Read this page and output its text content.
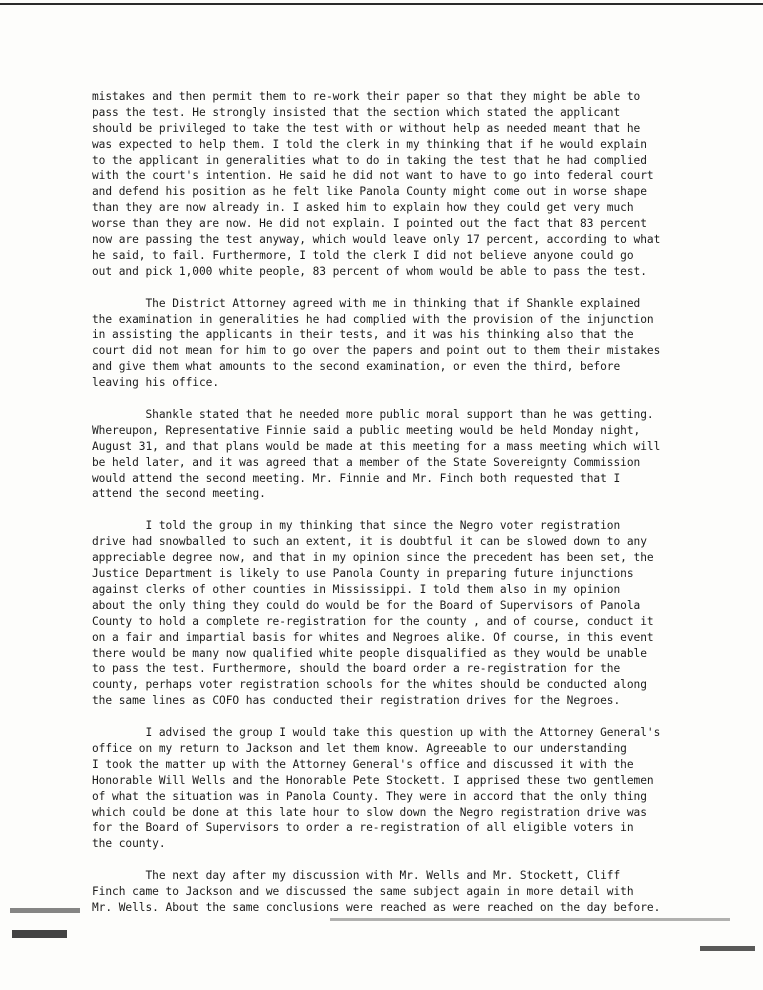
mistakes and then permit them to re-work their paper so that they might be able to
pass the test. He strongly insisted that the section which stated the applicant
should be privileged to take the test with or without help as needed meant that he
was expected to help them. I told the clerk in my thinking that if he would explain
to the applicant in generalities what to do in taking the test that he had complied
with the court's intention. He said he did not want to have to go into federal court
and defend his position as he felt like Panola County might come out in worse shape
than they are now already in. I asked him to explain how they could get very much
worse than they are now. He did not explain. I pointed out the fact that 83 percent
now are passing the test anyway, which would leave only 17 percent, according to what
he said, to fail. Furthermore, I told the clerk I did not believe anyone could go
out and pick 1,000 white people, 83 percent of whom would be able to pass the test.
The District Attorney agreed with me in thinking that if Shankle explained
the examination in generalities he had complied with the provision of the injunction
in assisting the applicants in their tests, and it was his thinking also that the
court did not mean for him to go over the papers and point out to them their mistakes
and give them what amounts to the second examination, or even the third, before
leaving his office.
Shankle stated that he needed more public moral support than he was getting.
Whereupon, Representative Finnie said a public meeting would be held Monday night,
August 31, and that plans would be made at this meeting for a mass meeting which will
be held later, and it was agreed that a member of the State Sovereignty Commission
would attend the second meeting. Mr. Finnie and Mr. Finch both requested that I
attend the second meeting.
I told the group in my thinking that since the Negro voter registration
drive had snowballed to such an extent, it is doubtful it can be slowed down to any
appreciable degree now, and that in my opinion since the precedent has been set, the
Justice Department is likely to use Panola County in preparing future injunctions
against clerks of other counties in Mississippi. I told them also in my opinion
about the only thing they could do would be for the Board of Supervisors of Panola
County to hold a complete re-registration for the county , and of course, conduct it
on a fair and impartial basis for whites and Negroes alike. Of course, in this event
there would be many now qualified white people disqualified as they would be unable
to pass the test. Furthermore, should the board order a re-registration for the
county, perhaps voter registration schools for the whites should be conducted along
the same lines as COFO has conducted their registration drives for the Negroes.
I advised the group I would take this question up with the Attorney General's
office on my return to Jackson and let them know. Agreeable to our understanding
I took the matter up with the Attorney General's office and discussed it with the
Honorable Will Wells and the Honorable Pete Stockett. I apprised these two gentlemen
of what the situation was in Panola County. They were in accord that the only thing
which could be done at this late hour to slow down the Negro registration drive was
for the Board of Supervisors to order a re-registration of all eligible voters in
the county.
The next day after my discussion with Mr. Wells and Mr. Stockett, Cliff
Finch came to Jackson and we discussed the same subject again in more detail with
Mr. Wells. About the same conclusions were reached as were reached on the day before.
